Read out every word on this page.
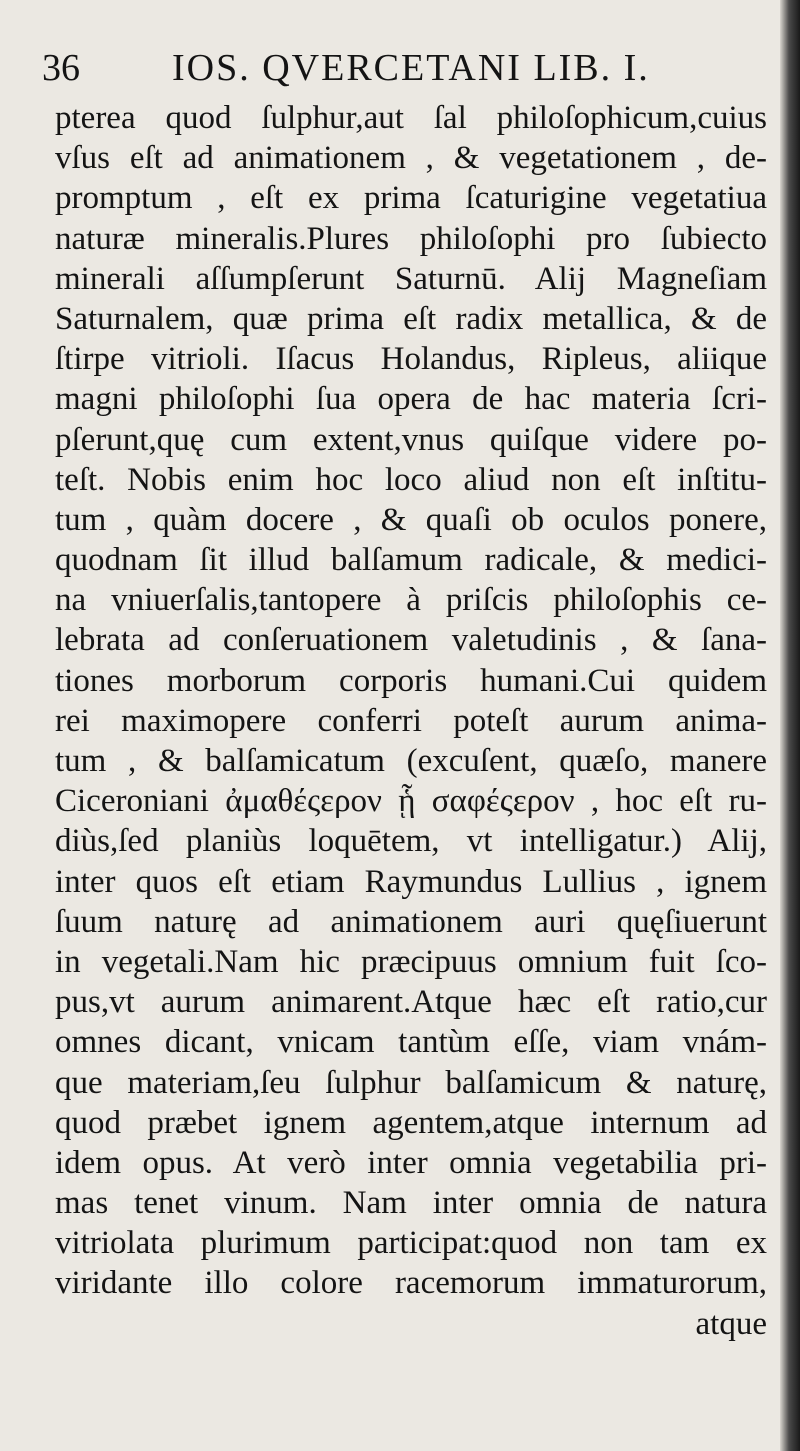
36 IOS. QVERCETANI LIB. I.
pterea quod ſulphur,aut ſal philoſophicum,cuius
vſus eſt ad animationem , & vegetationem , de-
promptum , eſt ex prima ſcaturigine vegetatiua
naturæ mineralis.Plures philoſophi pro ſubiecto
minerali aſſumpſerunt Saturnū. Alij Magneſiam
Saturnalem, quæ prima eſt radix metallica, & de
ſtirpe vitrioli. Iſacus Holandus, Ripleus, aliique
magni philoſophi ſua opera de hac materia ſcri-
pſerunt,quę cum extent,vnus quiſque videre po-
teſt. Nobis enim hoc loco aliud non eſt inſtitu-
tum , quàm docere , & quaſi ob oculos ponere,
quodnam ſit illud balſamum radicale, & medici-
na vniuerſalis,tantopere à priſcis philoſophis ce-
lebrata ad conſeruationem valetudinis , & ſana-
tiones morborum corporis humani.Cui quidem
rei maximopere conferri poteſt aurum anima-
tum , & balſamicatum (excuſent, quæſo, manere
Ciceroniani ἀμαθέςερον ᾗ σαφέςερον , hoc eſt ru-
diùs,ſed planiùs loquētem, vt intelligatur.) Alij,
inter quos eſt etiam Raymundus Lullius , ignem
ſuum naturę ad animationem auri quęſiuerunt
in vegetali.Nam hic præcipuus omnium fuit ſco-
pus,vt aurum animarent.Atque hæc eſt ratio,cur
omnes dicant, vnicam tantùm eſſe, viam vnám-
que materiam,ſeu ſulphur balſamicum & naturę,
quod præbet ignem agentem,atque internum ad
idem opus. At verò inter omnia vegetabilia pri-
mas tenet vinum. Nam inter omnia de natura
vitriolata plurimum participat:quod non tam ex
viridante illo colore racemorum immaturorum,
atque
